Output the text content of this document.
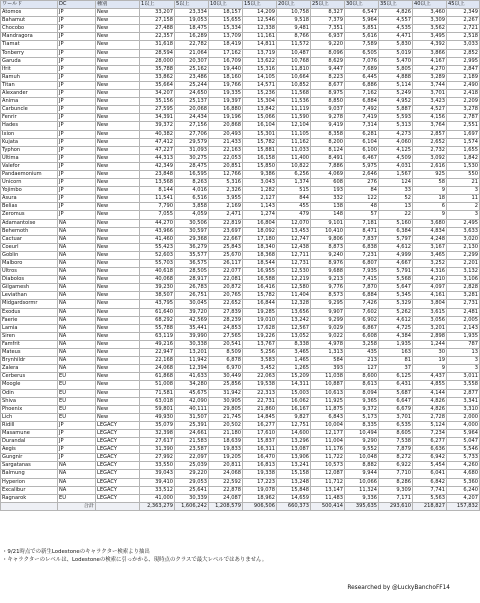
ワールド	DC	種別	1以上	5以上	10以上	15以上	20以上	25以上	30以上	35以上	40以上	45以上
Atomos	JP	New	33,207	23,334	18,157	14,209	10,758	8,327	6,547	4,826	3,460	2,349
Bahamut	JP	New	27,158	19,053	15,655	12,546	9,518	7,379	5,964	4,557	3,309	2,267
Chocobo	JP	New	27,488	18,475	15,334	12,338	9,481	7,351	5,851	4,535	3,562	2,721
Mandragora	JP	New	22,357	16,289	13,709	11,161	8,766	6,937	5,616	4,471	3,495	2,518
Tiamat	JP	New	31,618	22,782	18,419	14,811	11,572	9,220	7,589	5,830	4,392	3,033
Tonberry	JP	New	28,594	21,064	17,162	13,719	10,487	8,096	6,505	5,019	3,866	2,852
Garuda	JP	New	28,000	20,307	16,709	13,622	10,768	8,629	7,076	5,470	4,167	2,995
Ifrit	JP	New	35,788	25,162	19,440	15,316	11,810	9,447	7,689	5,805	4,270	2,847
Ramuh	JP	New	33,862	23,486	18,160	14,105	10,664	8,223	6,445	4,888	3,289	2,189
Titan	JP	New	35,664	25,244	19,766	14,571	10,852	8,677	6,886	5,114	3,744	2,490
Alexander	JP	New	34,207	24,650	19,335	15,236	11,568	8,975	7,162	5,249	3,701	2,418
Anima	JP	New	35,156	25,137	19,397	15,304	11,536	8,850	6,884	4,952	3,423	2,209
Carbuncle	JP	New	27,595	20,068	16,880	13,842	11,119	9,037	7,492	5,887	4,527	3,278
Fenrir	JP	New	34,391	24,434	19,196	15,066	11,590	9,278	7,419	5,593	4,156	2,787
Hades	JP	New	39,372	27,156	20,868	16,104	12,104	9,419	7,314	5,313	3,764	2,551
Ixion	JP	New	40,382	27,706	20,493	15,301	11,105	8,358	6,281	4,273	2,857	1,697
Kujata	JP	New	47,412	29,579	21,433	15,782	11,162	8,200	6,104	4,060	2,652	1,574
Typhon	JP	New	47,227	31,093	22,163	15,881	11,033	8,124	6,100	4,125	2,732	1,655
Ultima	JP	New	44,313	30,275	22,053	16,158	11,400	8,491	6,467	4,509	3,092	1,842
Valefor	JP	New	42,349	28,475	20,851	15,850	10,822	7,886	5,975	4,031	2,616	1,530
Pandaemonium	JP	New	23,848	16,595	12,766	9,386	6,256	4,069	2,646	1,567	925	550
Unicorn	JP	New	13,568	8,263	5,316	3,043	1,374	608	276	124	58	21
Yojimbo	JP	New	8,144	4,016	2,326	1,282	515	193	84	33	9	3
Asura	JP	New	11,541	6,516	3,955	2,127	844	332	122	52	18	11
Belias	JP	New	7,790	3,858	2,169	1,143	455	138	48	13	6	2
Zeromus	JP	New	7,055	4,059	2,471	1,274	479	148	57	22	9	3
Adamantoise	NA	New	44,270	30,506	22,819	16,804	12,070	9,101	7,181	5,160	3,680	2,495
Behemoth	NA	New	43,966	30,597	23,697	18,092	13,453	10,410	8,471	6,384	4,834	3,633
Cactuar	NA	New	41,460	29,368	22,667	17,180	12,747	9,806	7,837	5,797	4,248	3,020
Coeurl	NA	New	55,423	36,279	25,843	18,340	12,438	8,873	6,838	4,612	3,167	2,130
Goblin	NA	New	52,603	35,577	25,670	18,368	12,711	9,240	7,231	4,999	3,465	2,299
Malboro	NA	New	55,703	36,575	26,117	18,544	12,731	8,976	6,807	4,667	3,252	2,201
Ultros	NA	New	40,618	28,505	22,077	16,955	12,530	9,688	7,935	5,791	4,316	3,132
Diabolos	NA	New	40,068	28,917	22,081	16,588	12,219	9,213	7,415	5,568	4,210	3,106
Gilgamesh	NA	New	39,230	26,783	20,872	16,416	12,580	9,776	7,870	5,647	4,097	2,828
Leviathan	NA	New	38,507	26,751	20,765	15,782	11,404	8,573	6,884	5,345	4,161	3,281
Midgardsormr	NA	New	43,795	30,045	22,652	16,844	12,328	9,295	7,426	5,329	3,804	2,731
Exodus	NA	New	61,640	39,720	27,839	19,285	13,656	9,907	7,602	5,262	3,615	2,481
Faerie	NA	New	68,292	42,569	28,239	19,010	13,242	9,299	6,902	4,612	3,056	2,005
Lamia	NA	New	55,788	35,441	24,853	17,628	12,567	9,029	6,867	4,725	3,201	2,143
Siren	NA	New	63,119	39,990	27,565	19,226	13,052	9,022	6,608	4,384	2,898	1,935
Famfrit	NA	New	49,216	30,338	20,541	13,767	8,338	4,978	3,258	1,935	1,244	787
Mateus	NA	New	22,947	13,201	8,509	5,256	3,465	1,313	435	163	30	13
Brynhildr	NA	New	22,168	11,942	6,878	3,583	1,465	584	213	81	19	3
Zalera	NA	New	24,068	12,394	6,970	3,452	1,265	393	127	37	9	3
Cerberus	EU	New	61,868	41,633	30,449	22,063	15,209	11,038	8,600	6,125	4,437	3,011
Moogle	EU	New	51,008	34,280	25,856	19,538	14,311	10,887	8,613	6,431	4,855	3,558
Odin	EU	New	71,581	45,675	31,942	22,313	15,003	10,613	8,094	5,687	4,144	2,877
Shiva	EU	New	63,018	42,090	30,905	22,731	16,062	11,925	9,365	6,647	4,826	3,341
Phoenix	EU	New	59,801	40,111	29,805	21,860	16,167	11,875	9,372	6,679	4,826	3,310
Lich	EU	New	49,930	31,507	21,745	14,845	9,827	6,843	5,173	3,701	2,728	2,000
Ridill	JP	LEGACY	35,079	25,391	20,502	16,277	12,751	10,004	8,335	6,535	5,124	4,000
Masamune	JP	LEGACY	32,398	24,661	21,180	17,610	14,600	12,177	10,494	8,605	7,234	5,964
Durandal	JP	LEGACY	27,617	21,583	18,639	15,837	13,296	11,004	9,290	7,538	6,277	5,047
Aegis	JP	LEGACY	31,390	23,587	19,833	16,311	13,087	11,176	9,552	7,879	6,636	5,546
Gungnir	JP	LEGACY	27,992	22,097	19,205	16,470	13,906	11,722	10,048	8,272	6,942	5,733
Sargatanas	NA	LEGACY	33,550	25,039	20,811	16,813	13,241	10,573	8,882	6,922	5,454	4,260
Balmung	NA	LEGACY	39,043	29,220	24,068	19,338	15,158	12,087	9,944	7,710	6,041	4,680
Hyperion	NA	LEGACY	39,410	29,053	22,592	17,223	13,248	11,712	10,066	8,286	6,842	5,360
Excalibur	NA	LEGACY	33,512	25,641	22,878	19,078	15,848	13,147	11,324	9,309	7,741	6,240
Ragnarok	EU	LEGACY	41,000	30,339	24,087	18,962	14,659	11,483	9,336	7,171	5,563	4,207
	合計		2,363,279	1,606,242	1,208,579	906,506	660,373	500,414	395,635	293,610	218,827	157,832
・9/21時点での新生Lodestoneのキャラクター検索より抽出
・キャラクターのレベルは、Lodestoneの検索に引っかかる、現時点のクラスで最大レベルではありません。
Researched by @LuckyBanchoFF14
